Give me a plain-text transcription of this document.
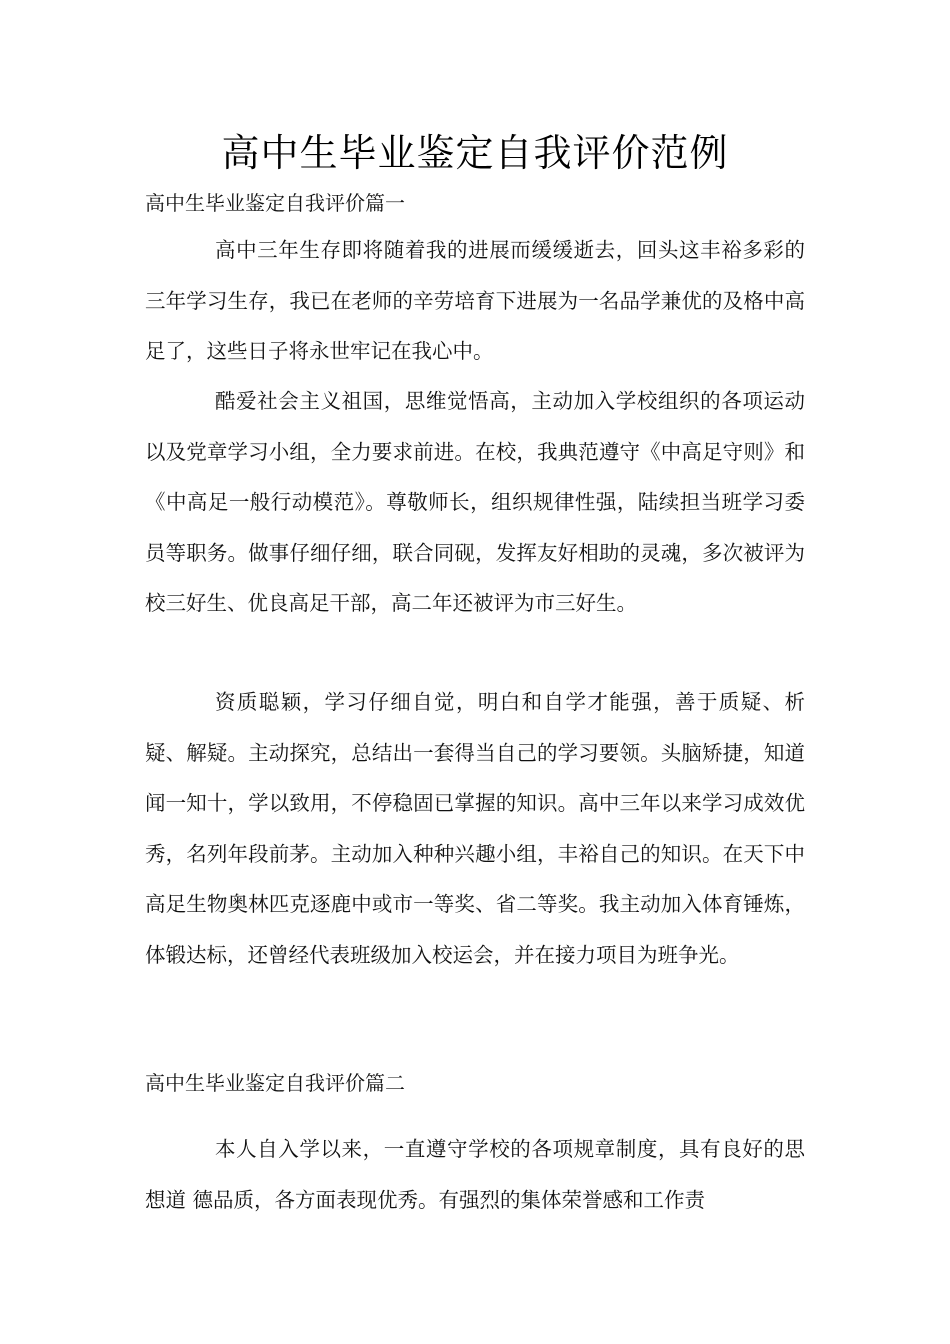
高中生毕业鉴定自我评价范例
高中生毕业鉴定自我评价篇一

高中三年生存即将随着我的进展而缓缓逝去，回头这丰裕多彩的三年学习生存，我已在老师的辛劳培育下进展为一名品学兼优的及格中高足了，这些日子将永世牢记在我心中。

酷爱社会主义祖国，思维觉悟高，主动加入学校组织的各项运动以及党章学习小组，全力要求前进。在校，我典范遵守《中高足守则》和《中高足一般行动模范》。尊敬师长，组织规律性强，陆续担当班学习委员等职务。做事仔细仔细，联合同砚，发挥友好相助的灵魂，多次被评为校三好生、优良高足干部，高二年还被评为市三好生。

资质聪颖，学习仔细自觉，明白和自学才能强，善于质疑、析疑、解疑。主动探究，总结出一套得当自己的学习要领。头脑矫捷，知道闻一知十，学以致用，不停稳固已掌握的知识。高中三年以来学习成效优秀，名列年段前茅。主动加入种种兴趣小组，丰裕自己的知识。在天下中高足生物奥林匹克逐鹿中或市一等奖、省二等奖。我主动加入体育锤炼，体锻达标，还曾经代表班级加入校运会，并在接力项目为班争光。

高中生毕业鉴定自我评价篇二

本人自入学以来，一直遵守学校的各项规章制度，具有良好的思想道 德品质，各方面表现优秀。有强烈的集体荣誉感和工作责
